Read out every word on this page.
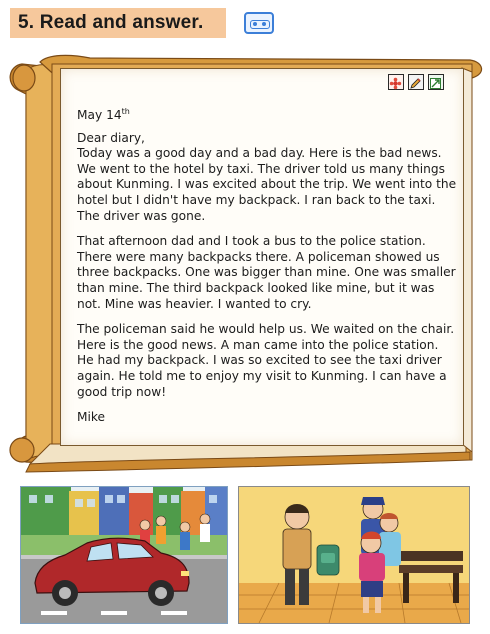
5. Read and answer.

May 14th

Dear diary,

Today was a good day and a bad day. Here is the bad news. We went to the hotel by taxi. The driver told us many things about Kunming. I was excited about the trip. We went into the hotel but I didn't have my backpack. I ran back to the taxi. The driver was gone.

That afternoon dad and I took a bus to the police station. There were many backpacks there. A policeman showed us three backpacks. One was bigger than mine. One was smaller than mine. The third backpack looked like mine, but it was not. Mine was heavier. I wanted to cry.

The policeman said he would help us. We waited on the chair. Here is the good news. A man came into the police station. He had my backpack. I was so excited to see the taxi driver again. He told me to enjoy my visit to Kunming. I can have a good trip now!

Mike
